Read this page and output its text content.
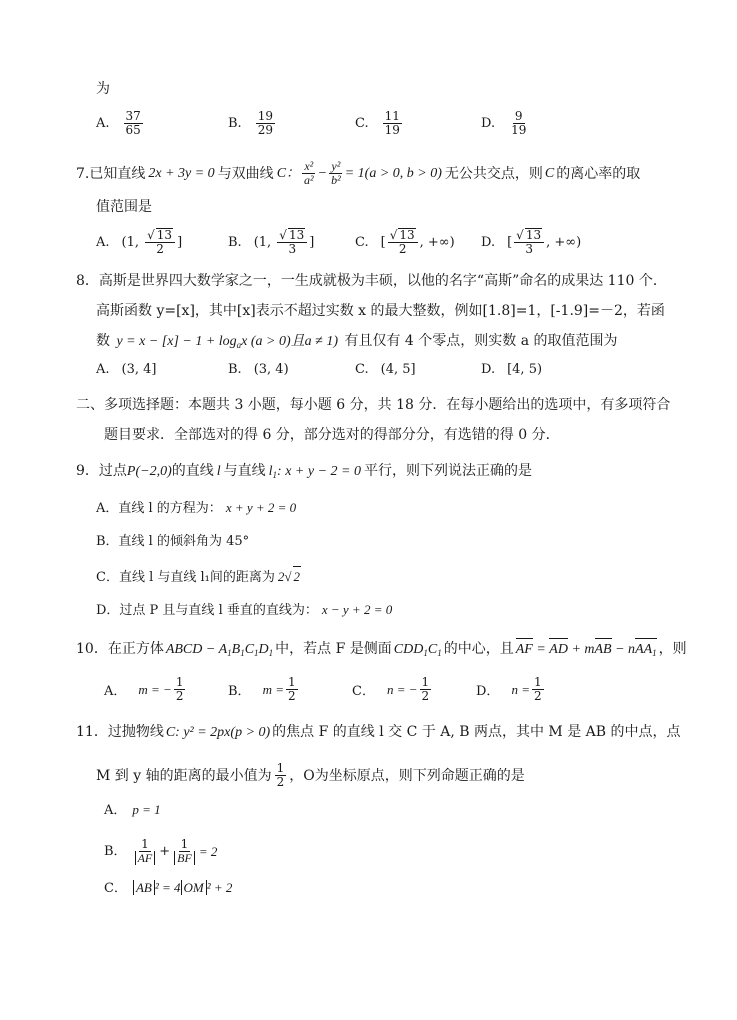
为
A. $\frac{37}{65}$	B. $\frac{19}{29}$	C. $\frac{11}{19}$	D. $\frac{9}{19}$
7. 已知直线 2x + 3y = 0 与双曲线 C： $\frac{\text{x²}}{\text{a²}} - \frac{\text{y²}}{\text{b²}} = 1(a > 0$, b > 0) 无公共交点，则 C 的离心率的取
值范围是
A. (1, $\frac{√ 13}{2}$ ]	B. (1, $\frac{√ 13}{3}$ ]	C. [ $\frac{√ 13}{2}$ , +∞) D. [ $\frac{√ 13}{3}$ , +∞)
8．高斯是世界四大数学家之一，一生成就极为丰硕，以他的名字“高斯”命名的成果达 110 个．
高斯函数 y=[x]，其中[x]表示不超过实数 x 的最大整数，例如[1.8]=1，[-1.9]=－2，若函
数 $y = x - [x] - 1 + \log_ax$ (a > 0)且a ≠ 1) 有且仅有 4 个零点，则实数 a 的取值范围为
A. (3, 4]	B. (3, 4)	C. (4, 5]	D. [4, 5)
二、多项选择题：本题共 3 小题，每小题 6 分，共 18 分．在每小题给出的选项中，有多项符合
题目要求．全部选对的得 6 分，部分选对的得部分分，有选错的得 0 分．
9．过点P(−2,0)的直线 l 与直线 $l_1$: x + y − 2 = 0 平行，则下列说法正确的是
A．直线 l 的方程为： x + y + 2 = 0
B．直线 l 的倾斜角为 45°
C．直线 l 与直线 l₁间的距离为 2√ 2
D．过点 P 且与直线 l 垂直的直线为： x − y + 2 = 0
10．在正方体 ABCD − $A_1B_1C_1D_1$ 中，若点 F 是侧面 $CDD_1C_1$ 的中心，且 AF = AD + mAB − nAA$_1$ ，则
A． m = − $\frac{1}{2}$	B． $m = \frac{1}{2}$	C． n = − $\frac{1}{2}$	D． $n = \frac{1}{2}$
11．过抛物线 C: y² = 2px(p > 0) 的焦点 F 的直线 l 交 C 于 A, B 两点，其中 M 是 AB 的中点，点
M 到 y 轴的距离的最小值为 $\frac{1}{2}$ ，O为坐标原点，则下列命题正确的是
A． p = 1
B． $\frac{1}{AF} + \frac{1}{BF} = 2$
C． AB ² = 4 OM ² + 2
